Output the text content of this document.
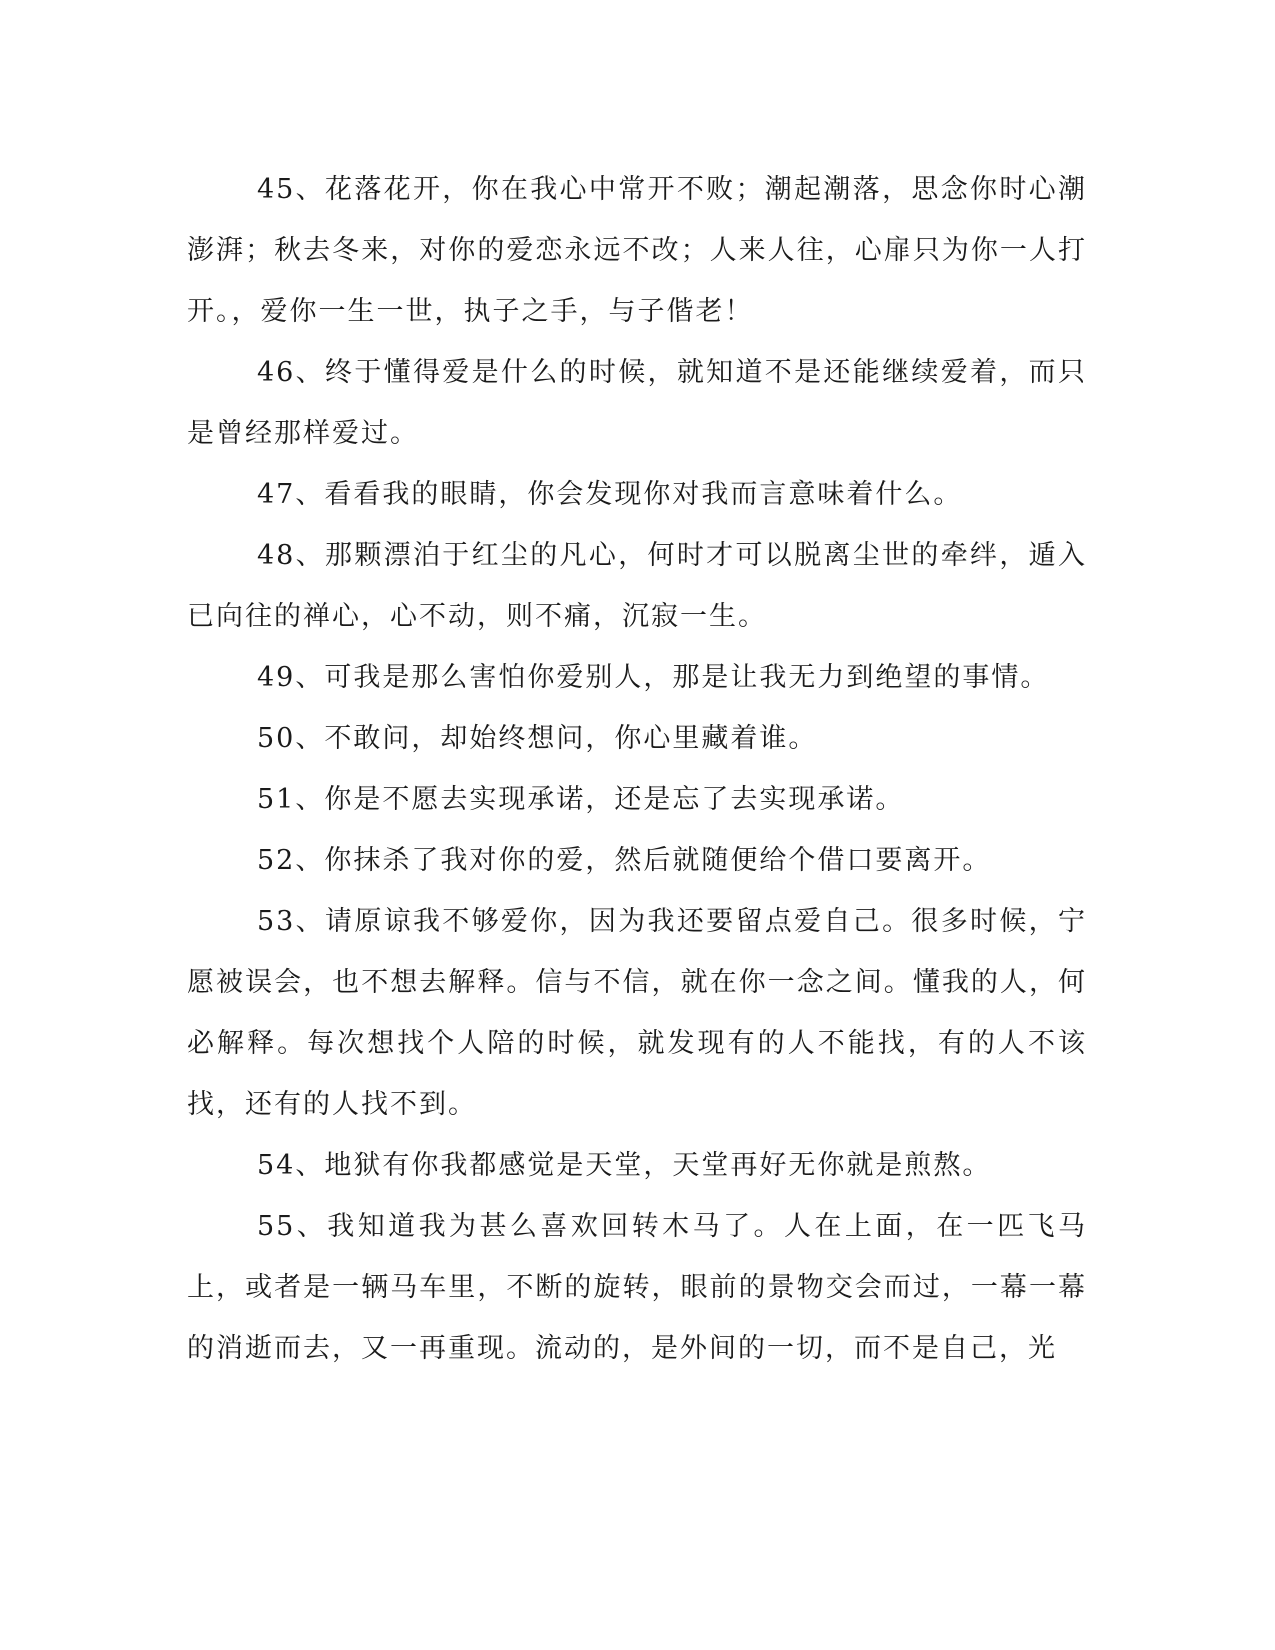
45、花落花开，你在我心中常开不败；潮起潮落，思念你时心潮澎湃；秋去冬来，对你的爱恋永远不改；人来人往，心扉只为你一人打开。，爱你一生一世，执子之手，与子偕老！

46、终于懂得爱是什么的时候，就知道不是还能继续爱着，而只是曾经那样爱过。

47、看看我的眼睛，你会发现你对我而言意味着什么。

48、那颗漂泊于红尘的凡心，何时才可以脱离尘世的牵绊，遁入已向往的禅心，心不动，则不痛，沉寂一生。

49、可我是那么害怕你爱别人，那是让我无力到绝望的事情。

50、不敢问，却始终想问，你心里藏着谁。

51、你是不愿去实现承诺，还是忘了去实现承诺。

52、你抹杀了我对你的爱，然后就随便给个借口要离开。

53、请原谅我不够爱你，因为我还要留点爱自己。很多时候，宁愿被误会，也不想去解释。信与不信，就在你一念之间。懂我的人，何必解释。每次想找个人陪的时候，就发现有的人不能找，有的人不该找，还有的人找不到。

54、地狱有你我都感觉是天堂，天堂再好无你就是煎熬。

55、我知道我为甚么喜欢回转木马了。人在上面，在一匹飞马上，或者是一辆马车里，不断的旋转，眼前的景物交会而过，一幕一幕的消逝而去，又一再重现。流动的，是外间的一切，而不是自己，光
